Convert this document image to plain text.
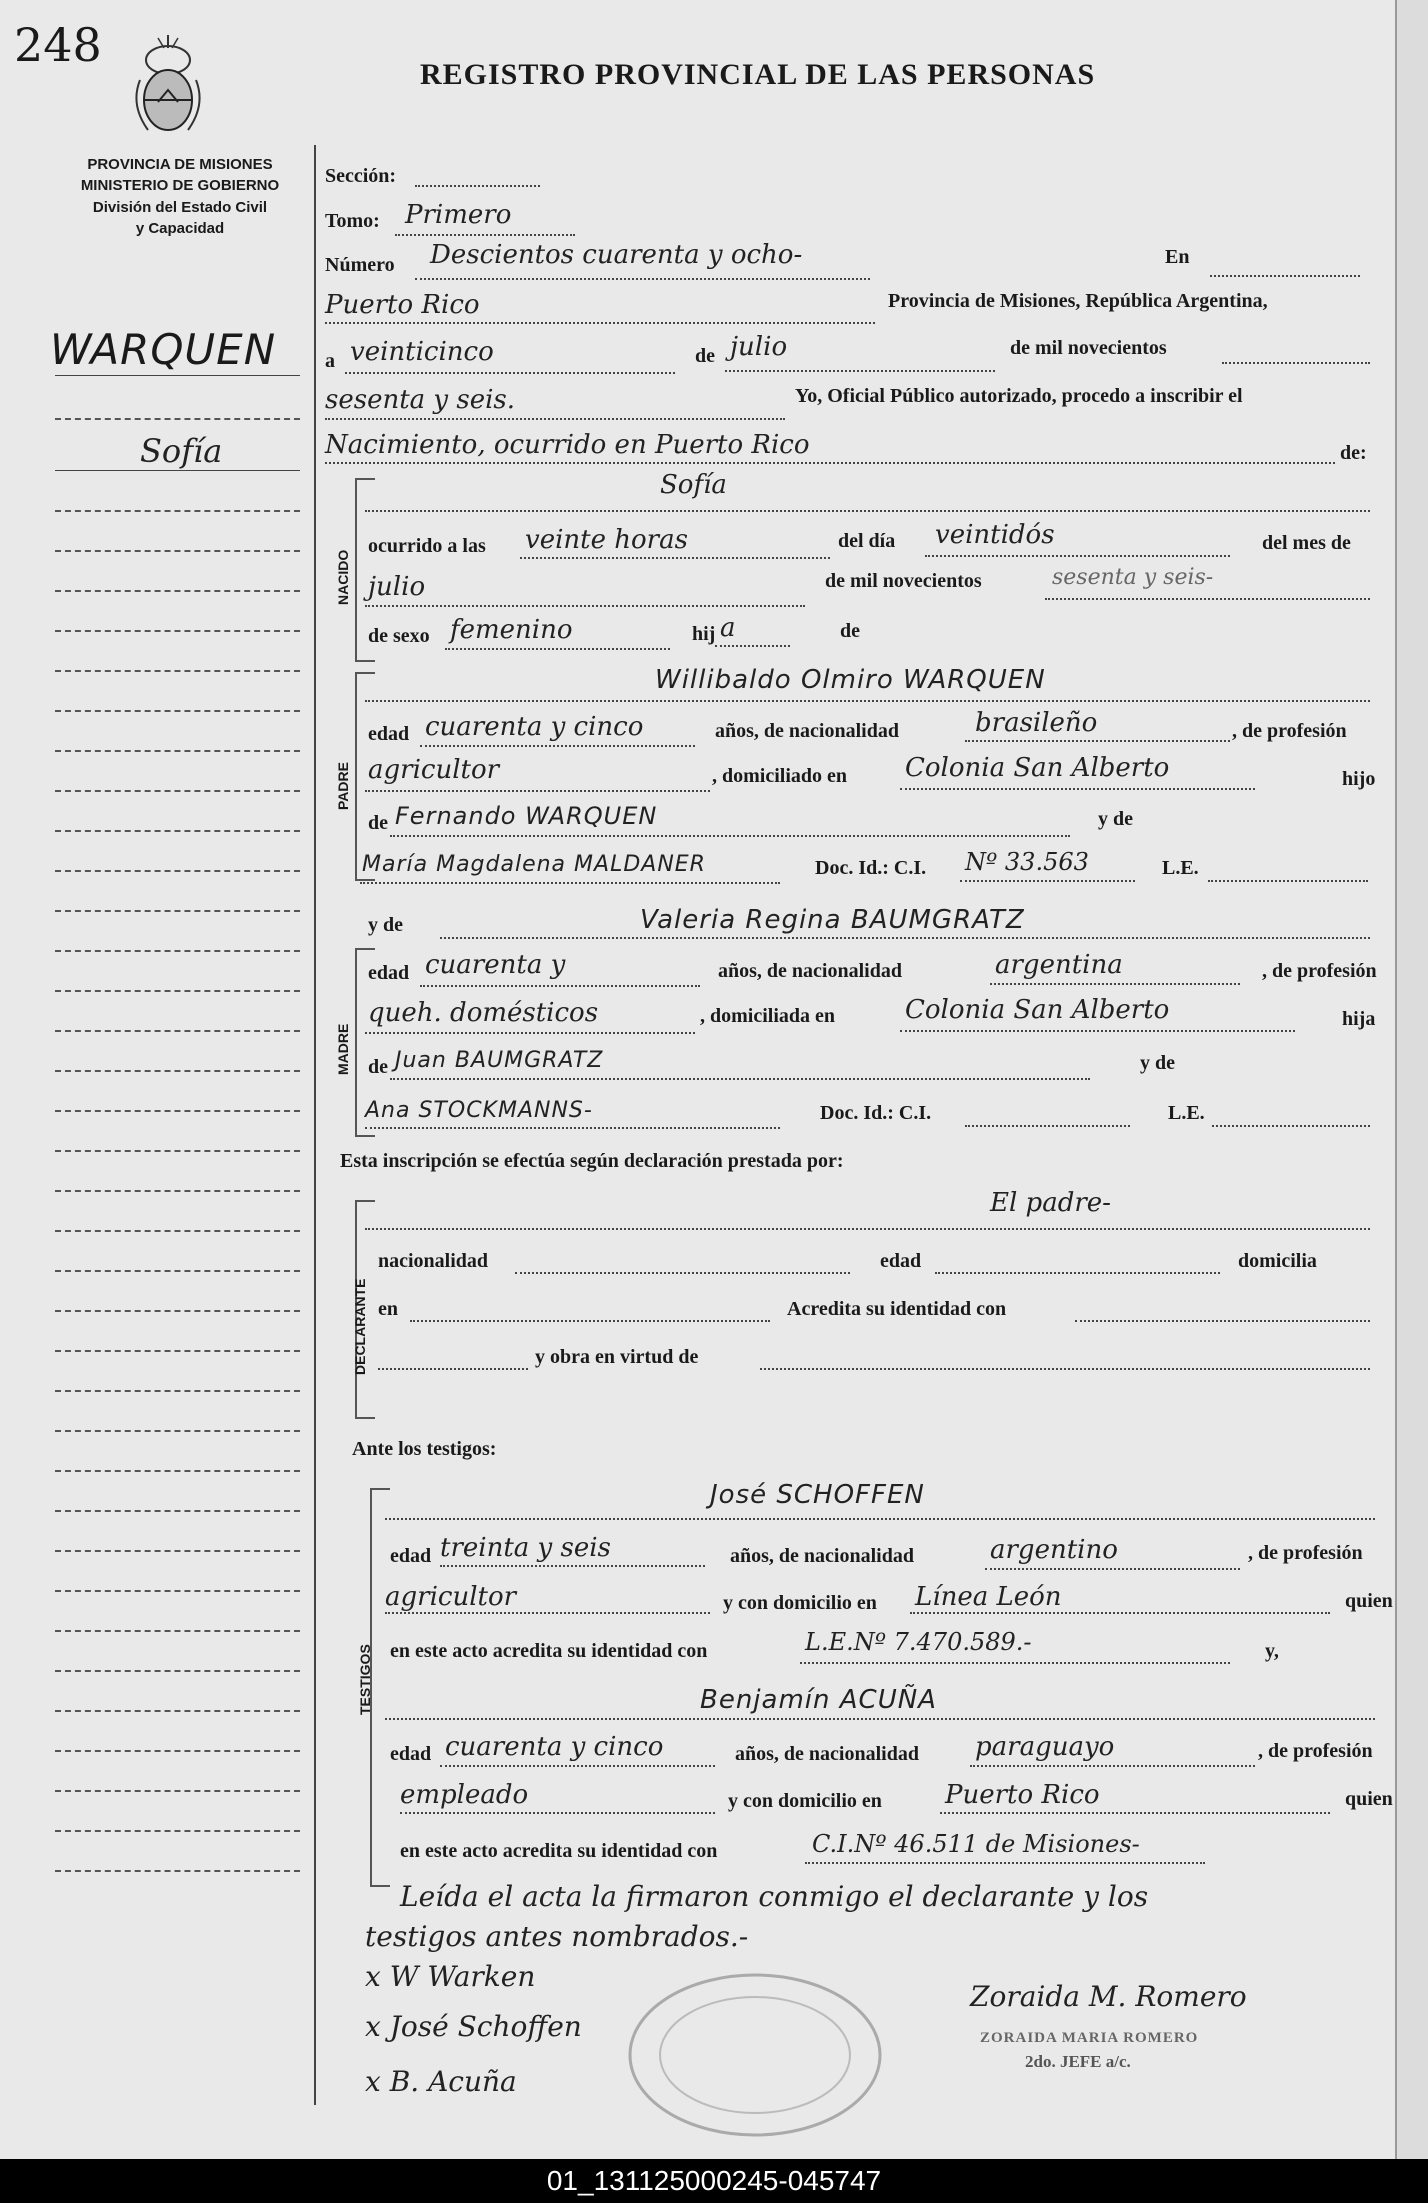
248
REGISTRO PROVINCIAL DE LAS PERSONAS
PROVINCIA DE MISIONES
MINISTERIO DE GOBIERNO
División del Estado Civil
y Capacidad
WARQUEN
Sofía
Sección:
Tomo: Primero
Número Descientos cuarenta y ocho-	En
Puerto Rico	Provincia de Misiones, República Argentina,
a veinticinco	de julio	de mil novecientos
sesenta y seis.	Yo, Oficial Público autorizado, procedo a inscribir el
Nacimiento, ocurrido en Puerto Rico	de:
NACIDO
Sofía
ocurrido a las veinte horas	del día veintidós	del mes de
julio	de mil novecientos	sesenta y seis-
de sexo femenino	hij a	de
PADRE
Willibaldo Olmiro WARQUEN
edad cuarenta y cinco	años, de nacionalidad	brasileño	, de profesión
agricultor	, domiciliado en Colonia San Alberto	hijo
de Fernando WARQUEN	y de
María Magdalena MALDANER	Doc. Id.: C.I. Nº 33.563	L.E.
y de	Valeria Regina BAUMGRATZ
MADRE
edad cuarenta y	años, de nacionalidad	argentina	, de profesión
queh. domésticos	, domiciliada en	Colonia San Alberto	hija
de Juan BAUMGRATZ	y de
Ana STOCKMANNS-	Doc. Id.: C.I.	L.E.
Esta inscripción se efectúa según declaración prestada por:
DECLARANTE
El padre-
nacionalidad	edad	domicilia
en	Acredita su identidad con
y obra en virtud de
Ante los testigos:
TESTIGOS
José SCHOFFEN
edad treinta y seis	años, de nacionalidad	argentino	, de profesión
agricultor	y con domicilio en Línea León	quien
en este acto acredita su identidad con	L.E.Nº 7.470.589.-	y,
Benjamín ACUÑA
edad cuarenta y cinco	años, de nacionalidad paraguayo	, de profesión
empleado	y con domicilio en Puerto Rico	quien
en este acto acredita su identidad con	C.I.Nº 46.511 de Misiones-
Leída el acta la firmaron conmigo el declarante y los
testigos antes nombrados.-
x W Warken
x José Schoffen
x B. Acuña
Zoraida M. Romero
ZORAIDA MARIA ROMERO
2do. JEFE a/c.
01_131125000245-045747
